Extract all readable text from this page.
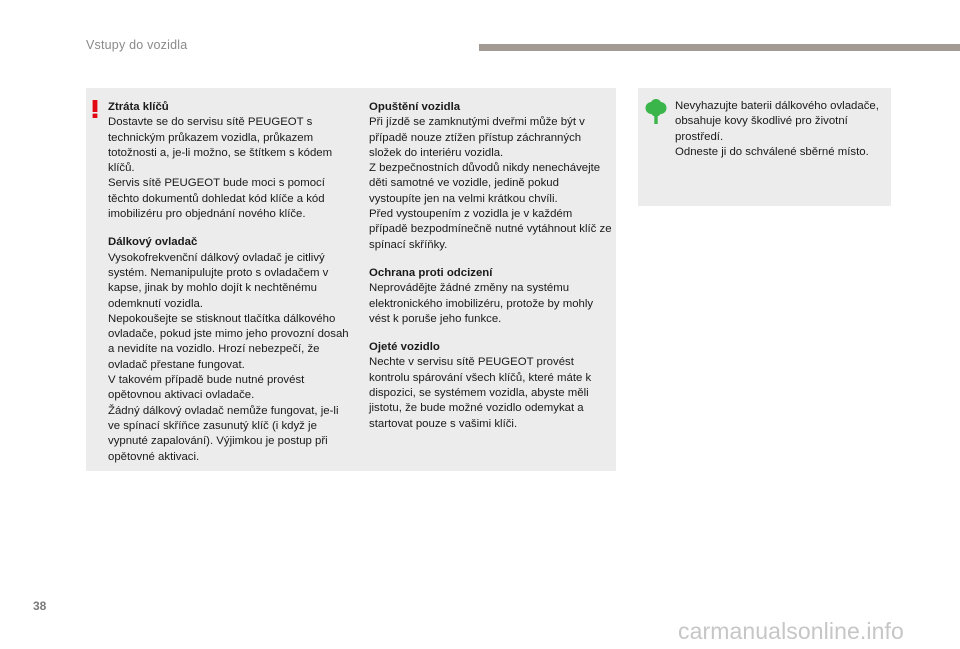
Vstupy do vozidla
Ztráta klíčů
Dostavte se do servisu sítě PEUGEOT s technickým průkazem vozidla, průkazem totožnosti a, je-li možno, se štítkem s kódem klíčů.
Servis sítě PEUGEOT bude moci s pomocí těchto dokumentů dohledat kód klíče a kód imobilizéru pro objednání nového klíče.
Dálkový ovladač
Vysokofrekvenční dálkový ovladač je citlivý systém. Nemanipulujte proto s ovladačem v kapse, jinak by mohlo dojít k nechtěnému odemknutí vozidla.
Nepokoušejte se stisknout tlačítka dálkového ovladače, pokud jste mimo jeho provozní dosah a nevidíte na vozidlo. Hrozí nebezpečí, že ovladač přestane fungovat.
V takovém případě bude nutné provést opětovnou aktivaci ovladače.
Žádný dálkový ovladač nemůže fungovat, je-li ve spínací skříňce zasunutý klíč (i když je vypnuté zapalování). Výjimkou je postup při opětovné aktivaci.
Opuštění vozidla
Při jízdě se zamknutými dveřmi může být v případě nouze ztížen přístup záchranných složek do interiéru vozidla.
Z bezpečnostních důvodů nikdy nenechávejte děti samotné ve vozidle, jedině pokud vystoupíte jen na velmi krátkou chvíli.
Před vystoupením z vozidla je v každém případě bezpodmínečně nutné vytáhnout klíč ze spínací skříňky.
Ochrana proti odcizení
Neprovádějte žádné změny na systému elektronického imobilizéru, protože by mohly vést k poruše jeho funkce.
Ojeté vozidlo
Nechte v servisu sítě PEUGEOT provést kontrolu spárování všech klíčů, které máte k dispozici, se systémem vozidla, abyste měli jistotu, že bude možné vozidlo odemykat a startovat pouze s vašimi klíči.
Nevyhazujte baterii dálkového ovladače, obsahuje kovy škodlivé pro životní prostředí.
Odneste ji do schválené sběrné místo.
38
carmanualsonline.info
